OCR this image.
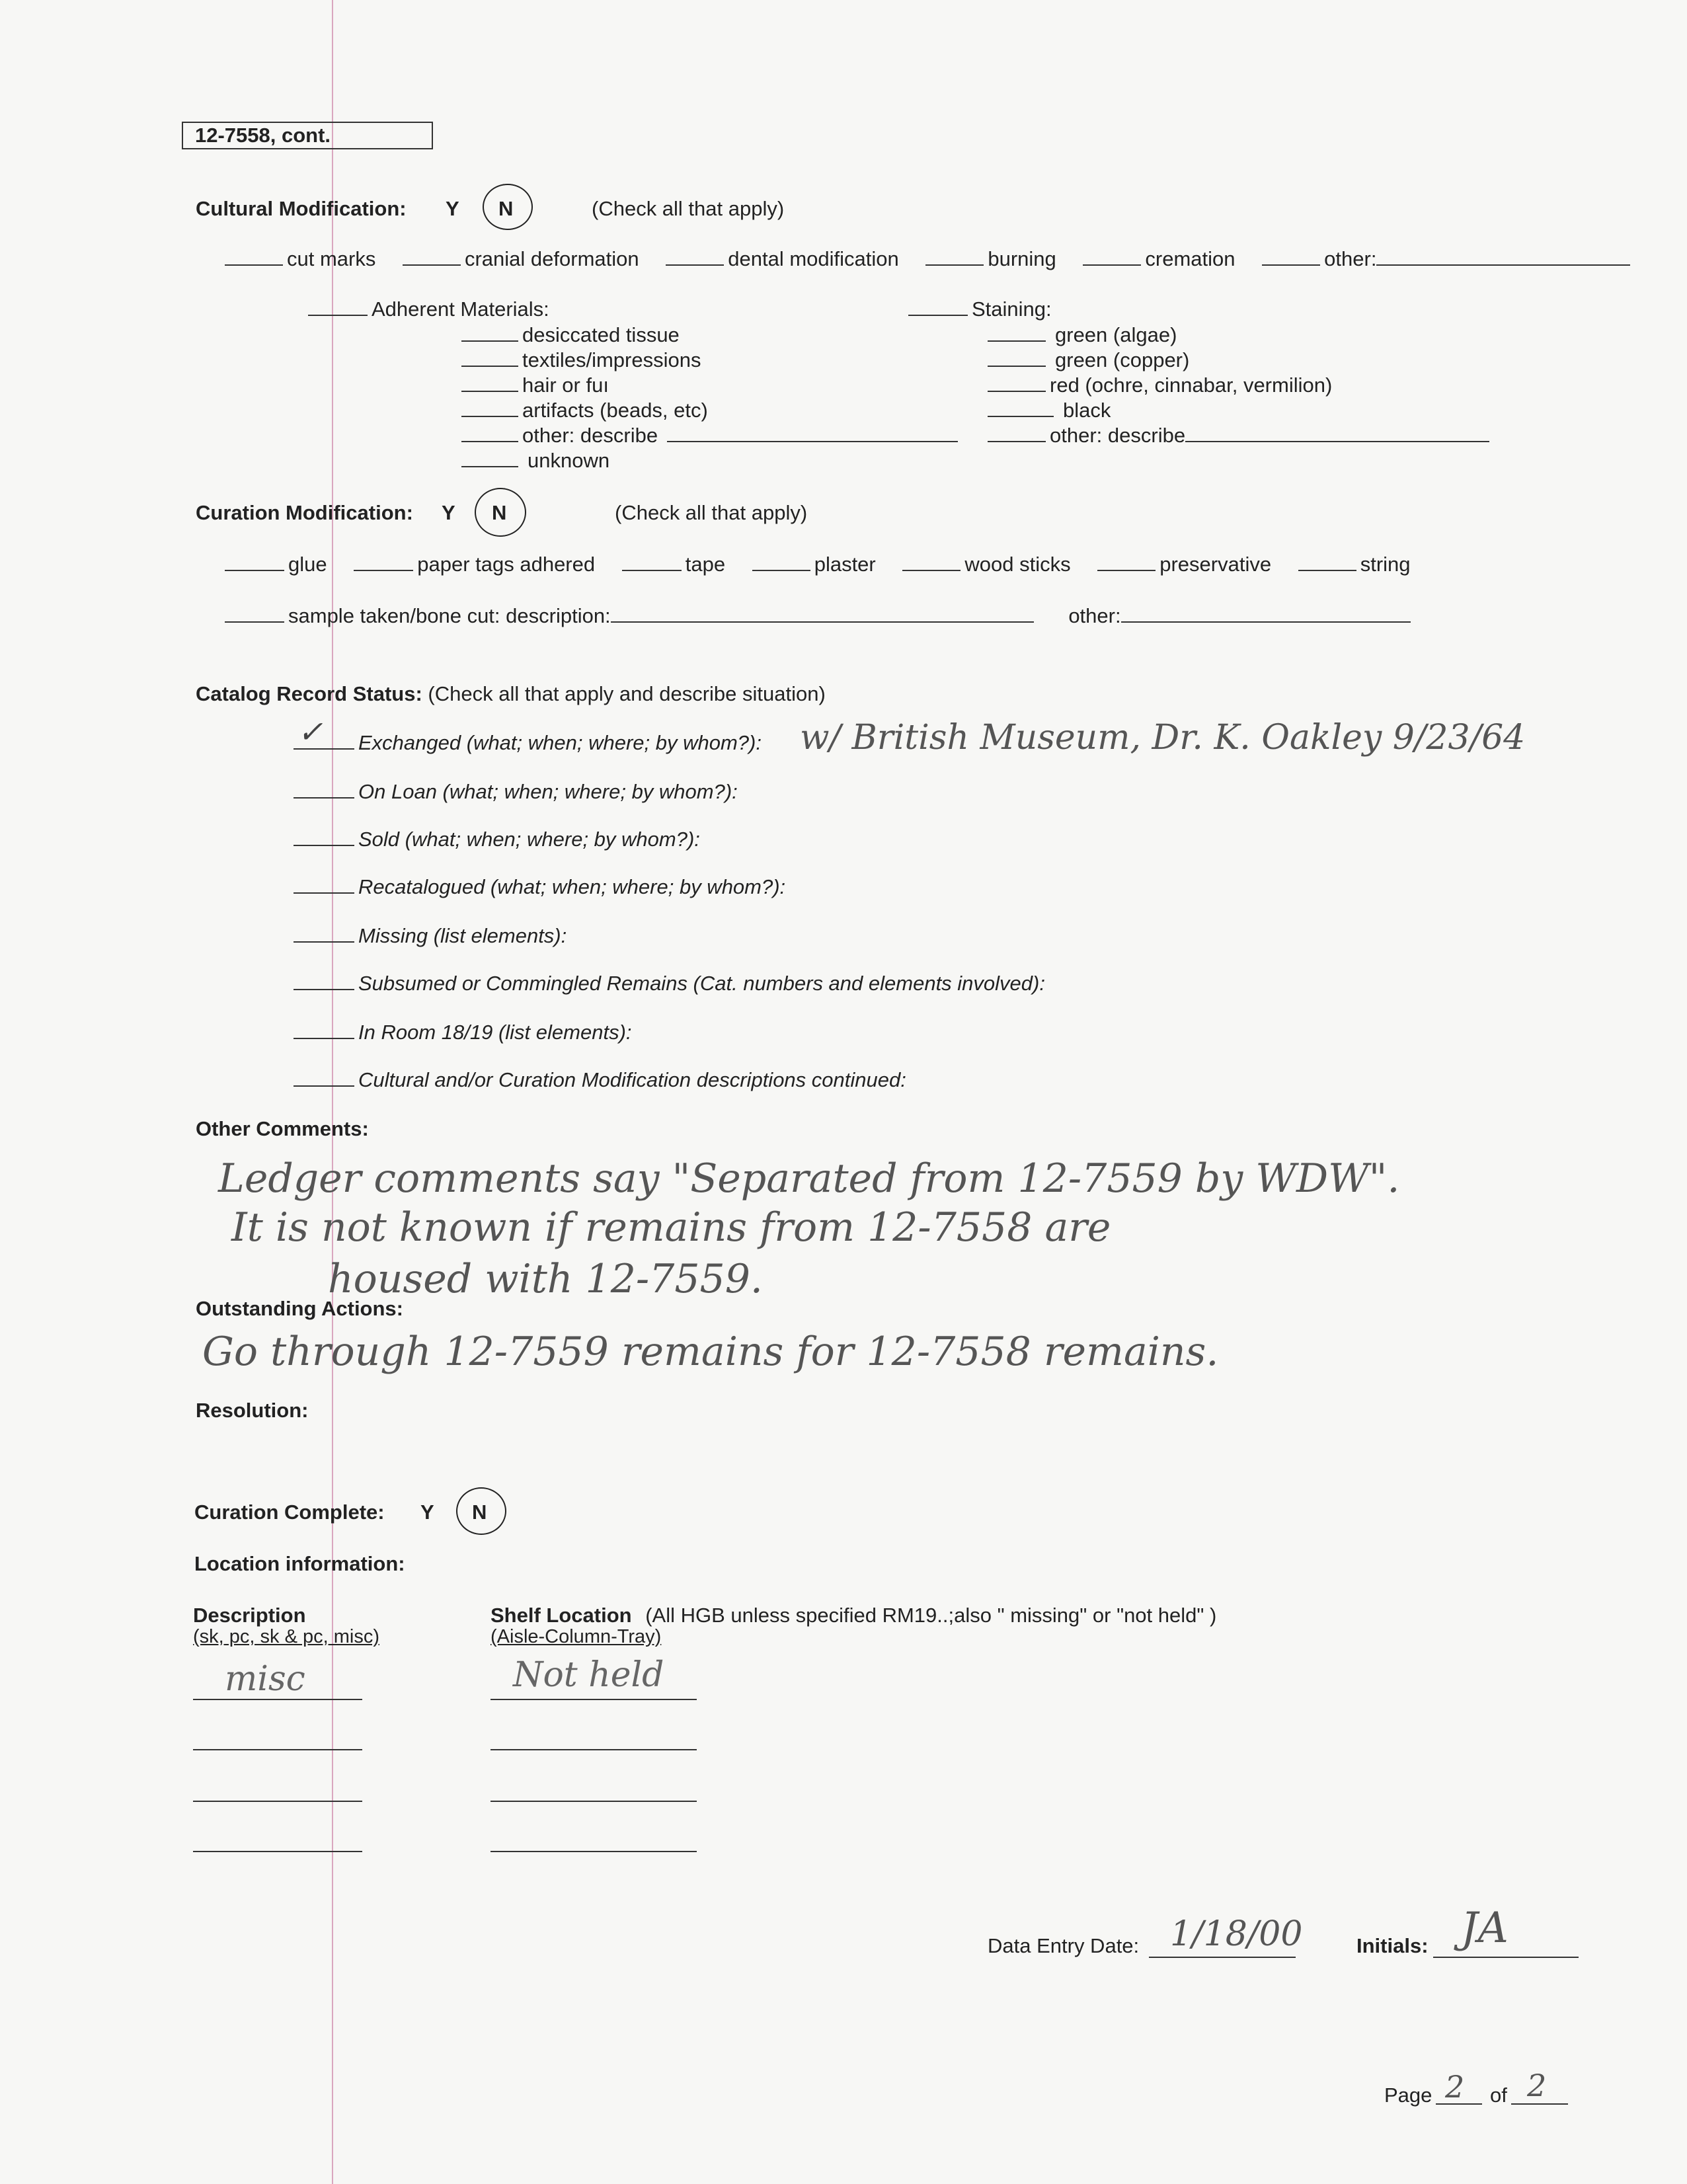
12-7558, cont.
Cultural Modification: Y N	(Check all that apply)
cut marks	cranial deformation	dental modification	burning	cremation	other:
Adherent Materials:
desiccated tissue
textiles/impressions
hair or fuı
artifacts (beads, etc)
other: describe
unknown
Staining:
green (algae)
green (copper)
red (ochre, cinnabar, vermilion)
black
other: describe
Curation Modification: Y N	(Check all that apply)
glue	paper tags adhered	tape	plaster	wood sticks	preservative	string
sample taken/bone cut: description:	other:
Catalog Record Status: (Check all that apply and describe situation)
Exchanged (what; when; where; by whom?):
✓	w/ British Museum, Dr. K. Oakley 9/23/64
On Loan (what; when; where; by whom?):
Sold (what; when; where; by whom?):
Recatalogued (what; when; where; by whom?):
Missing (list elements):
Subsumed or Commingled Remains (Cat. numbers and elements involved):
In Room 18/19 (list elements):
Cultural and/or Curation Modification descriptions continued:
Other Comments:
Ledger comments say "Separated from 12-7559 by WDW".
It is not known if remains from 12-7558 are
housed with 12-7559.
Outstanding Actions:
Go through 12-7559 remains for 12-7558 remains.
Resolution:
Curation Complete: Y N
Location information:
Description
(sk, pc, sk & pc, misc)
Shelf Location (All HGB unless specified RM19..;also " missing" or "not held" )
(Aisle-Column-Tray)
misc	Not held
Data Entry Date: 1/18/00	Initials: JA
Page 2 of 2
